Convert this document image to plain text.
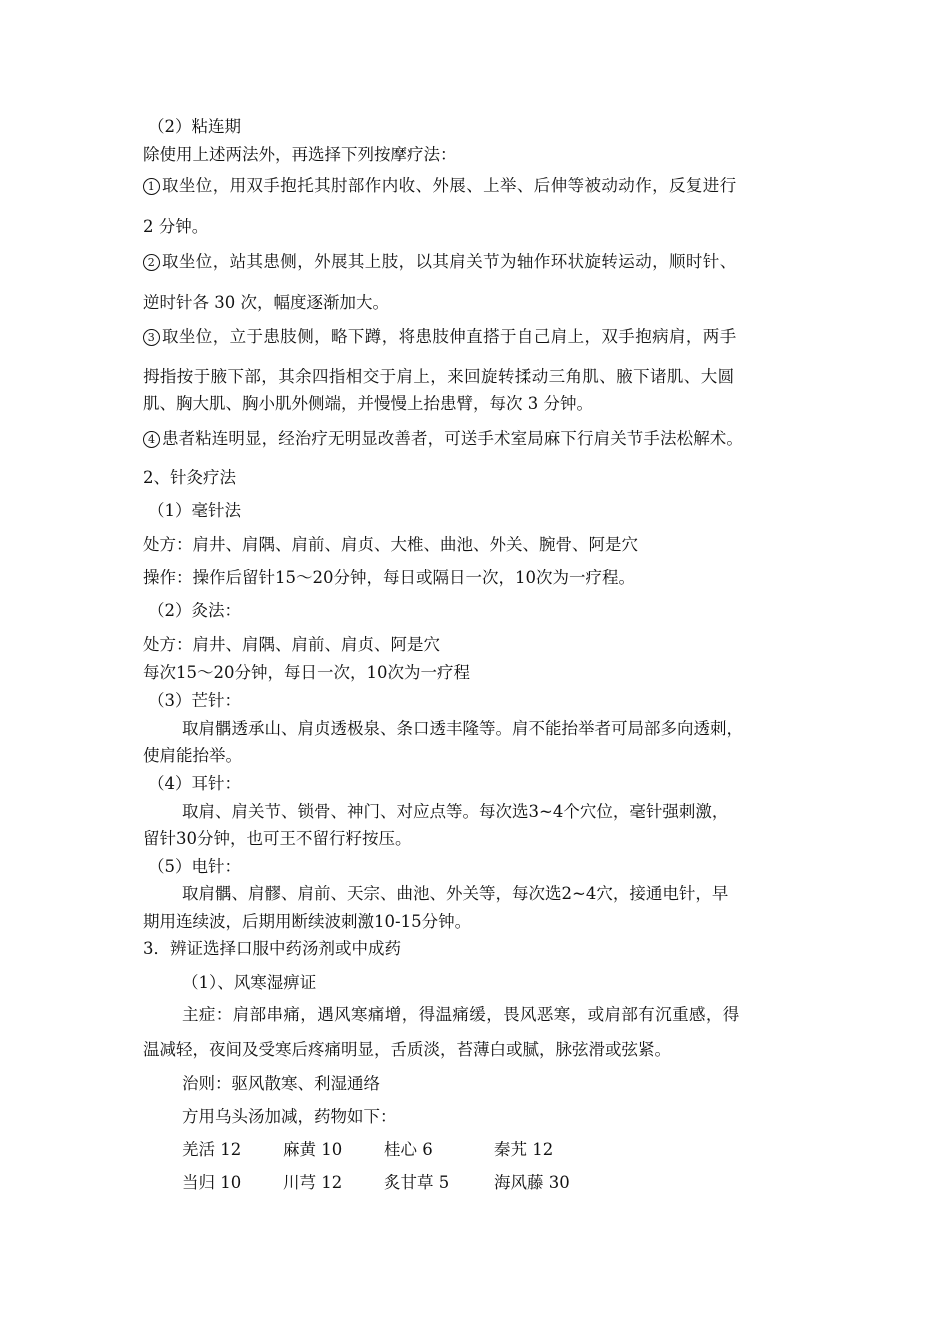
（2）粘连期
除使用上述两法外，再选择下列按摩疗法：
1 取坐位，用双手抱托其肘部作内收、外展、上举、后伸等被动动作，反复进行
2 分钟。
2 取坐位，站其患侧，外展其上肢，以其肩关节为轴作环状旋转运动，顺时针、
逆时针各 30 次，幅度逐渐加大。
3 取坐位，立于患肢侧，略下蹲，将患肢伸直搭于自己肩上，双手抱病肩，两手
拇指按于腋下部，其余四指相交于肩上，来回旋转揉动三角肌、腋下诸肌、大圆
肌、胸大肌、胸小肌外侧端，并慢慢上抬患臂，每次 3 分钟。
4 患者粘连明显，经治疗无明显改善者，可送手术室局麻下行肩关节手法松解术。
2、针灸疗法
（1）毫针法
处方：肩井、肩隅、肩前、肩贞、大椎、曲池、外关、腕骨、阿是穴
操作：操作后留针15～20分钟，每日或隔日一次，10次为一疗程。
（2）灸法：
处方：肩井、肩隅、肩前、肩贞、阿是穴
每次15～20分钟，每日一次，10次为一疗程
（3）芒针：
取肩髃透承山、肩贞透极泉、条口透丰隆等。肩不能抬举者可局部多向透刺，
使肩能抬举。
（4）耳针：
取肩、肩关节、锁骨、神门、对应点等。每次选3~4个穴位，毫针强刺激，
留针30分钟，也可王不留行籽按压。
（5）电针：
取肩髃、肩髎、肩前、天宗、曲池、外关等，每次选2~4穴，接通电针，早
期用连续波，后期用断续波刺激10-15分钟。
3．辨证选择口服中药汤剂或中成药
（1）、风寒湿痹证
主症：肩部串痛，遇风寒痛增，得温痛缓，畏风恶寒，或肩部有沉重感，得
温减轻，夜间及受寒后疼痛明显，舌质淡，苔薄白或腻，脉弦滑或弦紧。
治则：驱风散寒、利湿通络
方用乌头汤加减，药物如下：
羌活 12	麻黄 10	桂心 6	秦艽 12
当归 10	川芎 12	炙甘草 5	海风藤 30
